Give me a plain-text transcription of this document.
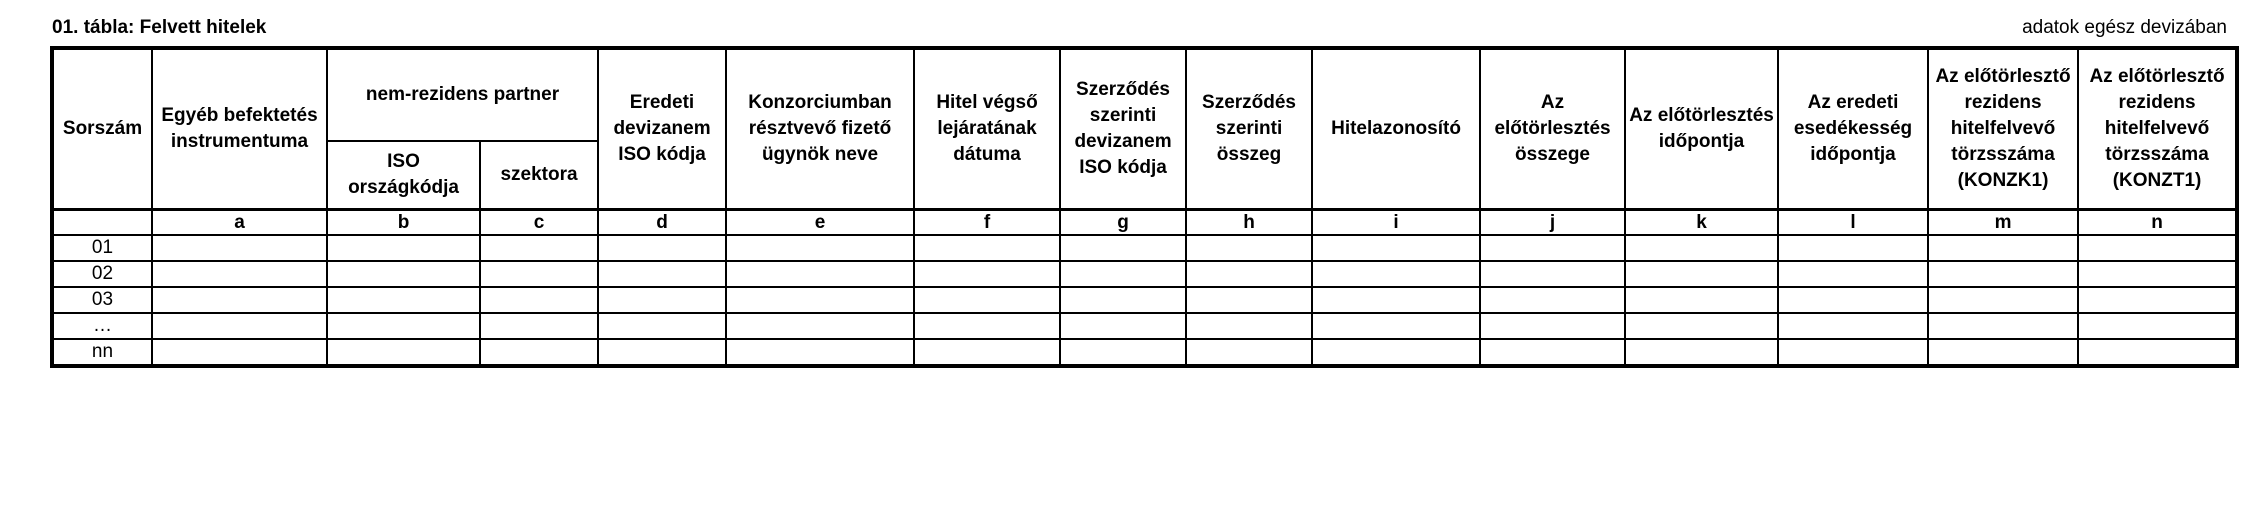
01. tábla: Felvett hitelek	adatok egész devizában
Sorszám	Egyéb befektetés instrumentuma	nem-rezidens partner		Eredeti devizanem ISO kódja	Konzorciumban résztvevő fizető ügynök neve	Hitel végső lejáratának dátuma	Szerződés szerinti devizanem ISO kódja	Szerződés szerinti összeg	Hitelazonosító	Az előtörlesztés összege	Az előtörlesztés időpontja	Az eredeti esedékesség időpontja	Az előtörlesztő rezidens hitelfelvevő törzsszáma (KONZK1)	Az előtörlesztő rezidens hitelfelvevő törzsszáma (KONZT1)
		ISO országkódja	szektora											
	a	b	c	d	e	f	g	h	i	j	k	l	m	n
01														
02														
03														
…														
nn														
